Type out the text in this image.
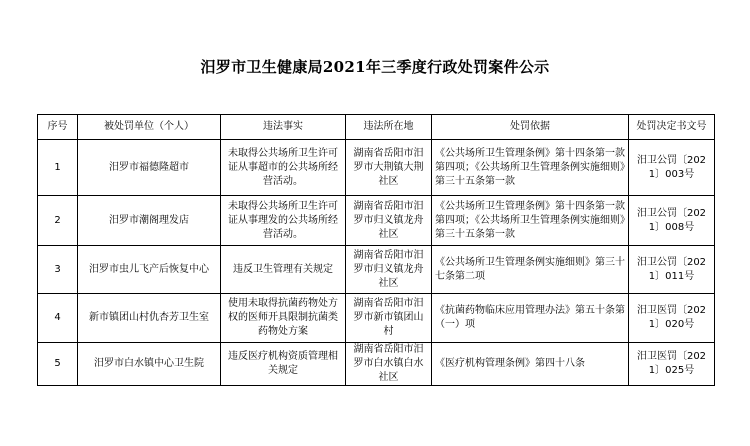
汨罗市卫生健康局2021年三季度行政处罚案件公示
序号	被处罚单位（个人）	违法事实	违法所在地	处罚依据	处罚决定书文号
1	汨罗市福德隆超市	未取得公共场所卫生许可证从事超市的公共场所经营活动。	湖南省岳阳市汨罗市大荆镇大荆社区	《公共场所卫生管理条例》第十四条第一款第四项；《公共场所卫生管理条例实施细则》第三十五条第一款	汨卫公罚〔2021〕003号
2	汨罗市潮阁理发店	未取得公共场所卫生许可证从事理发的公共场所经营活动。	湖南省岳阳市汨罗市归义镇龙舟社区	《公共场所卫生管理条例》第十四条第一款第四项；《公共场所卫生管理条例实施细则》第三十五条第一款	汨卫公罚〔2021〕008号
3	汨罗市虫儿飞产后恢复中心	违反卫生管理有关规定	湖南省岳阳市汨罗市归义镇龙舟社区	《公共场所卫生管理条例实施细则》第三十七条第二项	汨卫公罚〔2021〕011号
4	新市镇团山村仇杏芳卫生室	使用未取得抗菌药物处方权的医师开具限制抗菌类药物处方案	湖南省岳阳市汨罗市新市镇团山村	《抗菌药物临床应用管理办法》第五十条第（一）项	汨卫医罚〔2021〕020号
5	汨罗市白水镇中心卫生院	违反医疗机构资质管理相关规定	湖南省岳阳市汨罗市白水镇白水社区	《医疗机构管理条例》第四十八条	汨卫医罚〔2021〕025号
